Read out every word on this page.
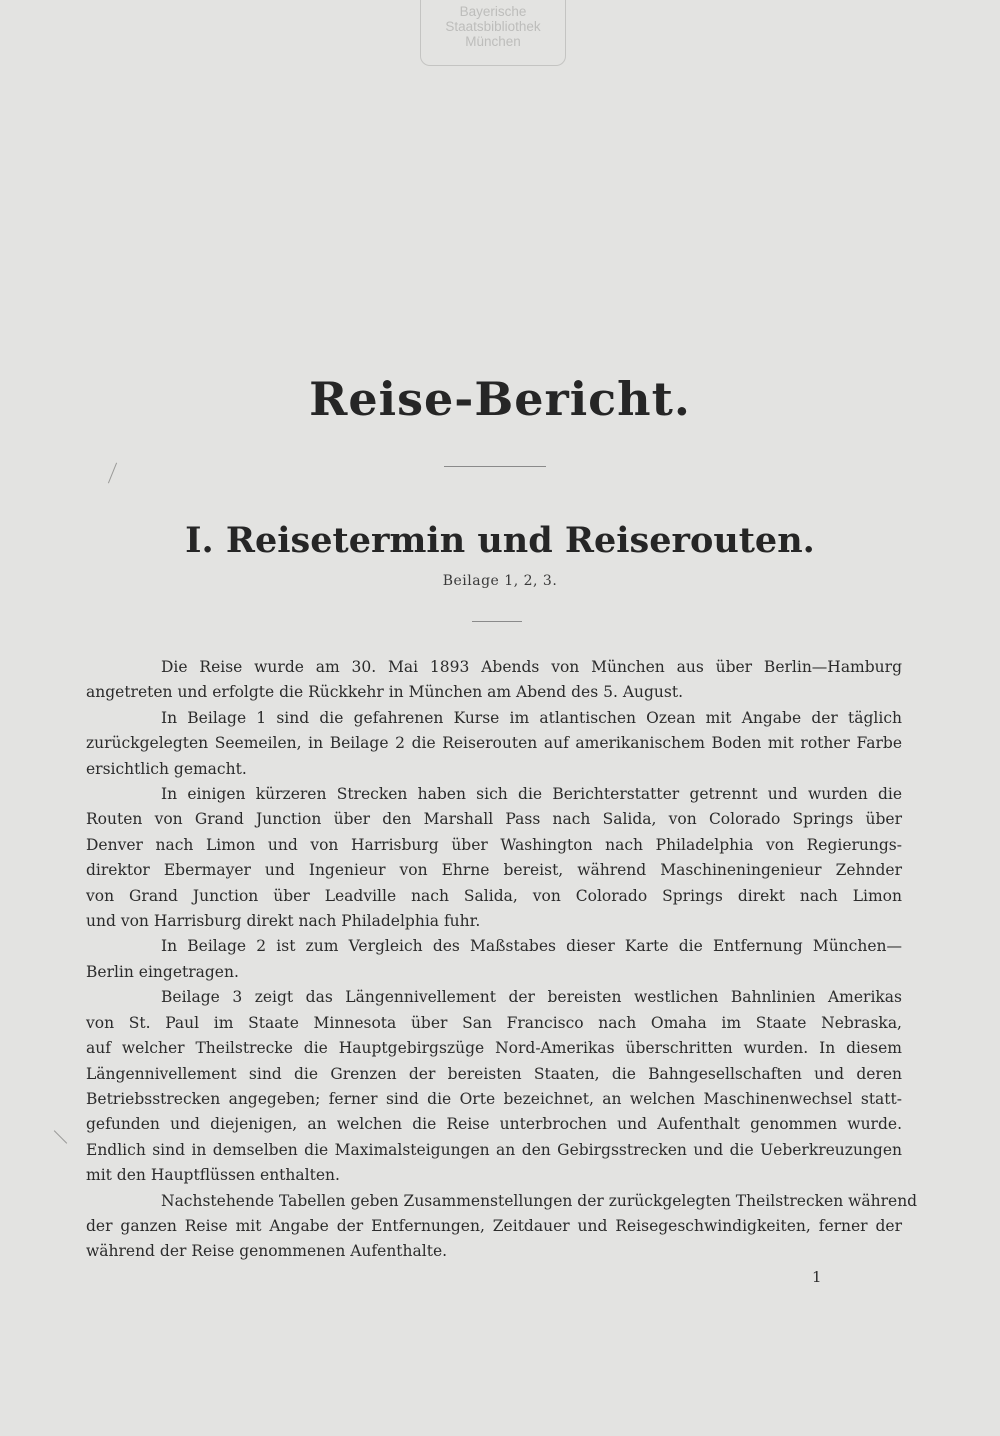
Bayerische
Staatsbibliothek
München
Reise-Bericht.
I. Reisetermin und Reiserouten.
Beilage 1, 2, 3.
Die Reise wurde am 30. Mai 1893 Abends von München aus über Berlin—Hamburg
angetreten und erfolgte die Rückkehr in München am Abend des 5. August.
In Beilage 1 sind die gefahrenen Kurse im atlantischen Ozean mit Angabe der täglich
zurückgelegten Seemeilen, in Beilage 2 die Reiserouten auf amerikanischem Boden mit rother Farbe
ersichtlich gemacht.
In einigen kürzeren Strecken haben sich die Berichterstatter getrennt und wurden die
Routen von Grand Junction über den Marshall Pass nach Salida, von Colorado Springs über
Denver nach Limon und von Harrisburg über Washington nach Philadelphia von Regierungs-
direktor Ebermayer und Ingenieur von Ehrne bereist, während Maschineningenieur Zehnder
von Grand Junction über Leadville nach Salida, von Colorado Springs direkt nach Limon
und von Harrisburg direkt nach Philadelphia fuhr.
In Beilage 2 ist zum Vergleich des Maßstabes dieser Karte die Entfernung München—
Berlin eingetragen.
Beilage 3 zeigt das Längennivellement der bereisten westlichen Bahnlinien Amerikas
von St. Paul im Staate Minnesota über San Francisco nach Omaha im Staate Nebraska,
auf welcher Theilstrecke die Hauptgebirgszüge Nord-Amerikas überschritten wurden. In diesem
Längennivellement sind die Grenzen der bereisten Staaten, die Bahngesellschaften und deren
Betriebsstrecken angegeben; ferner sind die Orte bezeichnet, an welchen Maschinenwechsel statt-
gefunden und diejenigen, an welchen die Reise unterbrochen und Aufenthalt genommen wurde.
Endlich sind in demselben die Maximalsteigungen an den Gebirgsstrecken und die Ueberkreuzungen
mit den Hauptflüssen enthalten.
Nachstehende Tabellen geben Zusammenstellungen der zurückgelegten Theilstrecken während
der ganzen Reise mit Angabe der Entfernungen, Zeitdauer und Reisegeschwindigkeiten, ferner der
während der Reise genommenen Aufenthalte.
1
